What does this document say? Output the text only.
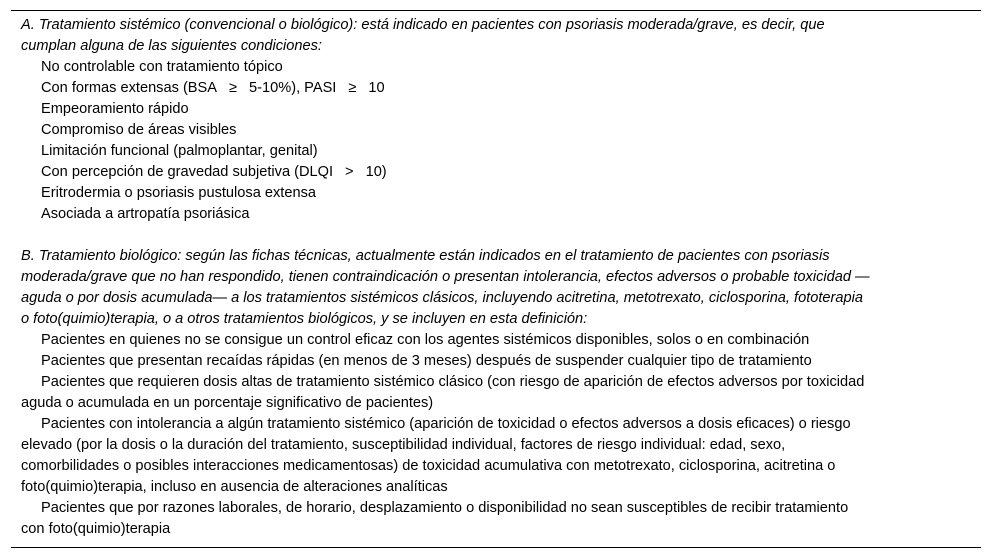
A. Tratamiento sistémico (convencional o biológico): está indicado en pacientes con psoriasis moderada/grave, es decir, que
cumplan alguna de las siguientes condiciones:
No controlable con tratamiento tópico
Con formas extensas (BSA ≥ 5-10%), PASI ≥ 10
Empeoramiento rápido
Compromiso de áreas visibles
Limitación funcional (palmoplantar, genital)
Con percepción de gravedad subjetiva (DLQI > 10)
Eritrodermia o psoriasis pustulosa extensa
Asociada a artropatía psoriásica
B. Tratamiento biológico: según las fichas técnicas, actualmente están indicados en el tratamiento de pacientes con psoriasis
moderada/grave que no han respondido, tienen contraindicación o presentan intolerancia, efectos adversos o probable toxicidad —
aguda o por dosis acumulada— a los tratamientos sistémicos clásicos, incluyendo acitretina, metotrexato, ciclosporina, fototerapia
o foto(quimio)terapia, o a otros tratamientos biológicos, y se incluyen en esta definición:
Pacientes en quienes no se consigue un control eficaz con los agentes sistémicos disponibles, solos o en combinación
Pacientes que presentan recaídas rápidas (en menos de 3 meses) después de suspender cualquier tipo de tratamiento
Pacientes que requieren dosis altas de tratamiento sistémico clásico (con riesgo de aparición de efectos adversos por toxicidad
aguda o acumulada en un porcentaje significativo de pacientes)
Pacientes con intolerancia a algún tratamiento sistémico (aparición de toxicidad o efectos adversos a dosis eficaces) o riesgo
elevado (por la dosis o la duración del tratamiento, susceptibilidad individual, factores de riesgo individual: edad, sexo,
comorbilidades o posibles interacciones medicamentosas) de toxicidad acumulativa con metotrexato, ciclosporina, acitretina o
foto(quimio)terapia, incluso en ausencia de alteraciones analíticas
Pacientes que por razones laborales, de horario, desplazamiento o disponibilidad no sean susceptibles de recibir tratamiento
con foto(quimio)terapia
